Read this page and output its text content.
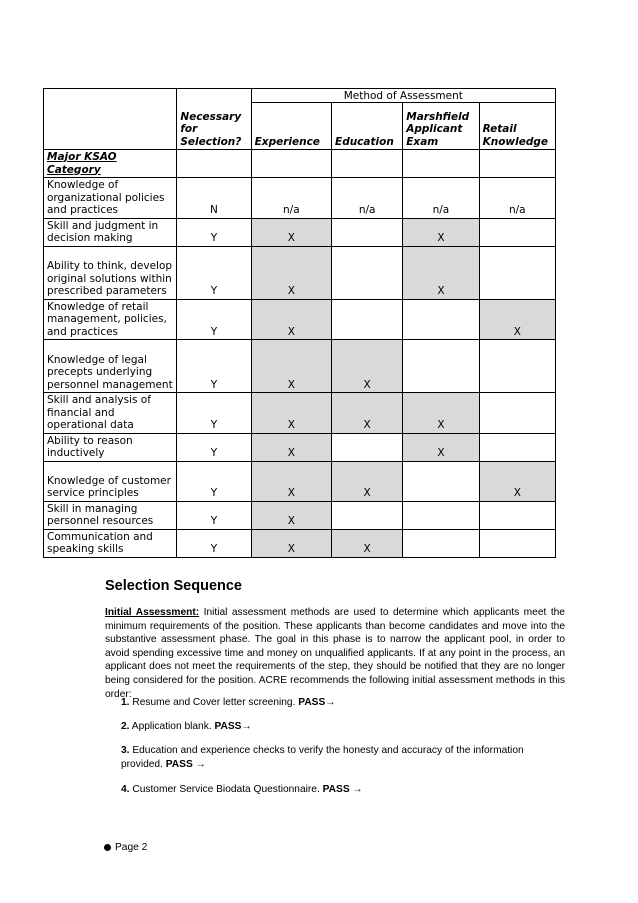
	Necessary for Selection?	Method of Assessment			
		Experience	Education	Marshfield Applicant Exam	Retail Knowledge
Major KSAO Category					
Knowledge of organizational policies and practices	N	n/a	n/a	n/a	n/a
Skill and judgment in decision making	Y	X		X	
Ability to think, develop original solutions within prescribed parameters	Y	X		X	
Knowledge of retail management, policies, and practices	Y	X			X
Knowledge of legal precepts underlying personnel management	Y	X	X		
Skill and analysis of financial and operational data	Y	X	X	X	
Ability to reason inductively	Y	X		X	
Knowledge of customer service principles	Y	X	X		X
Skill in managing personnel resources	Y	X			
Communication and speaking skills	Y	X	X		
Selection Sequence

Initial Assessment: Initial assessment methods are used to determine which applicants meet the minimum requirements of the position. These applicants than become candidates and move into the substantive assessment phase. The goal in this phase is to narrow the applicant pool, in order to avoid spending excessive time and money on unqualified applicants. If at any point in the process, an applicant does not meet the requirements of the step, they should be notified that they are no longer being considered for the position. ACRE recommends the following initial assessment methods in this order:

1. Resume and Cover letter screening. PASS→
2. Application blank. PASS→
3. Education and experience checks to verify the honesty and accuracy of the information provided. PASS →
4. Customer Service Biodata Questionnaire. PASS →
Page 2
